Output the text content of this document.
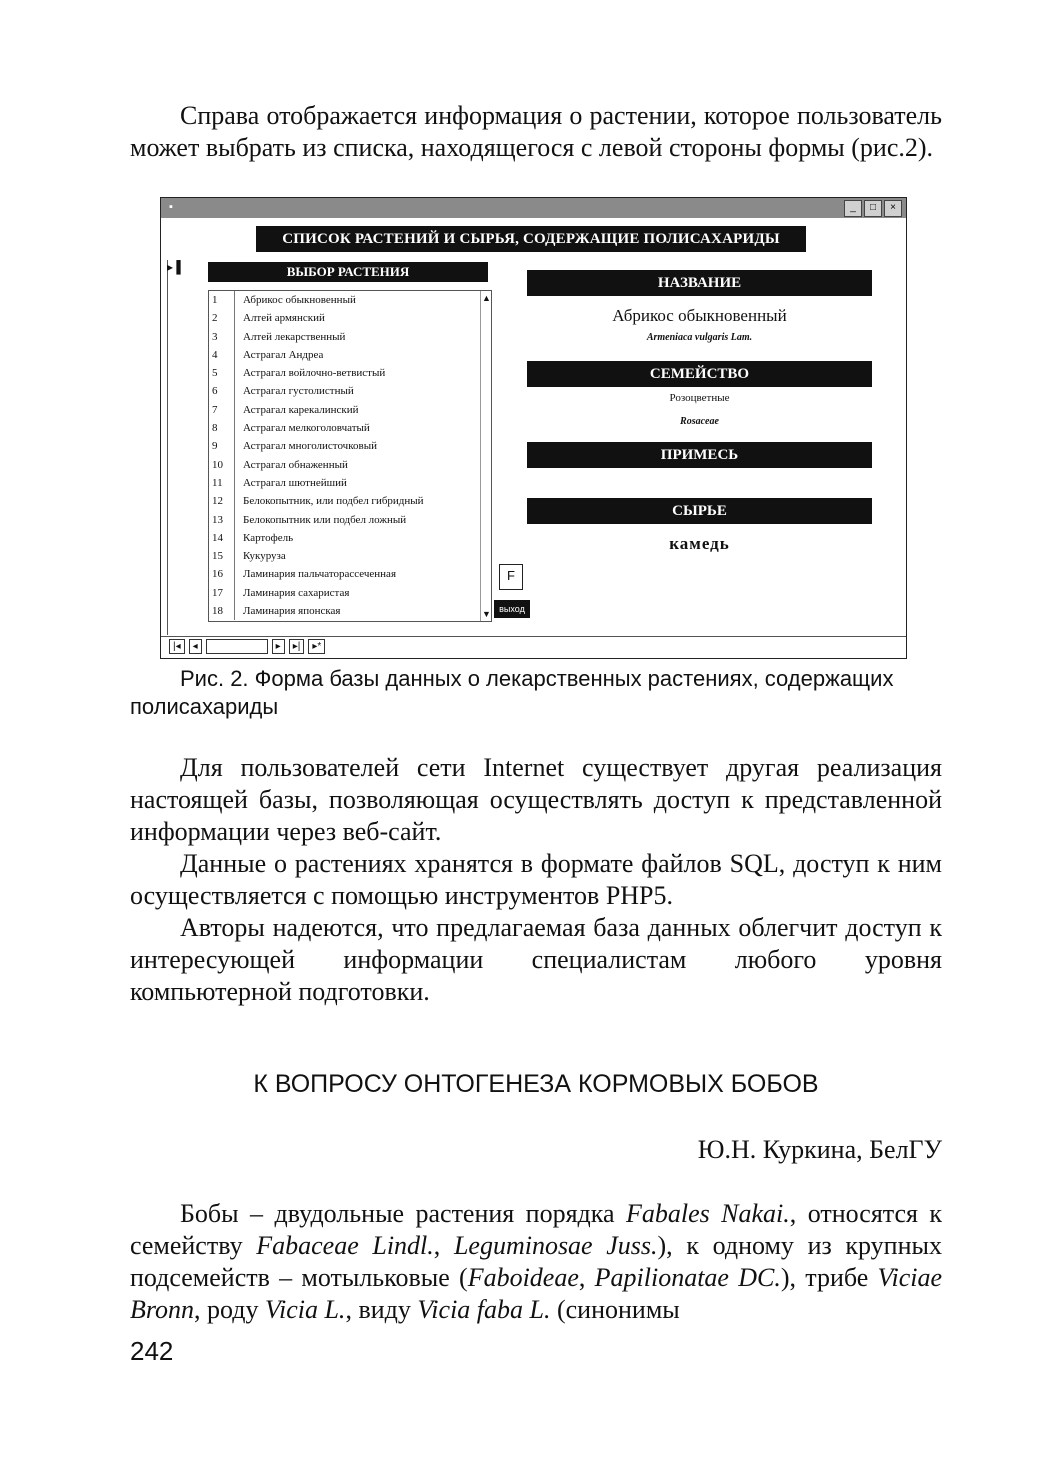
Справа отображается информация о растении, которое пользователь может выбрать из списка, находящегося с левой стороны формы (рис.2).
▪	_	□	×
СПИСОК РАСТЕНИЙ И СЫРЬЯ, СОДЕРЖАЩИЕ ПОЛИСАХАРИДЫ
▸ ▌	ВЫБОР РАСТЕНИЯ
▲
▼
1	Абрикос обыкновенный
2	Алтей армянский
3	Алтей лекарственный
4	Астрагал Андреа
5	Астрагал войлочно-ветвистый
6	Астрагал густолистный
7	Астрагал карекалинский
8	Астрагал мелкоголовчатый
9	Астрагал многолисточковый
10	Астрагал обнаженный
11	Астрагал шютнейший
12	Белокопытник, или подбел гибридный
13	Белокопытник или подбел ложный
14	Картофель
15	Кукуруза
16	Ламинария пальчаторассеченная
17	Ламинария сахаристая
18	Ламинария японская
F
выход
НАЗВАНИЕ
Абрикос обыкновенный
Armeniaca vulgaris Lam.
СЕМЕЙСТВО
Розоцветные
Rosaceae
ПРИМЕСЬ
СЫРЬЕ
камедь
|◂	◂	▸	▸|	▸*
Рис. 2. Форма базы данных о лекарственных растениях, содержащих полисахариды
Для пользователей сети Internet существует другая реализация настоящей базы, позволяющая осуществлять доступ к представленной информации через веб-сайт.
Данные о растениях хранятся в формате файлов SQL, доступ к ним осуществляется с помощью инструментов PHP5.
Авторы надеются, что предлагаемая база данных облегчит доступ к интересующей информации специалистам любого уровня компьютерной подготовки.
К ВОПРОСУ ОНТОГЕНЕЗА КОРМОВЫХ БОБОВ
Ю.Н. Куркина, БелГУ
Бобы – двудольные растения порядка Fabales Nakai., относятся к семейству Fabaceae Lindl., Leguminosae Juss.), к одному из крупных подсемейств – мотыльковые (Faboideae, Papilionatae DC.), трибе Viciae Bronn, роду Vicia L., виду Vicia faba L. (синонимы
242
